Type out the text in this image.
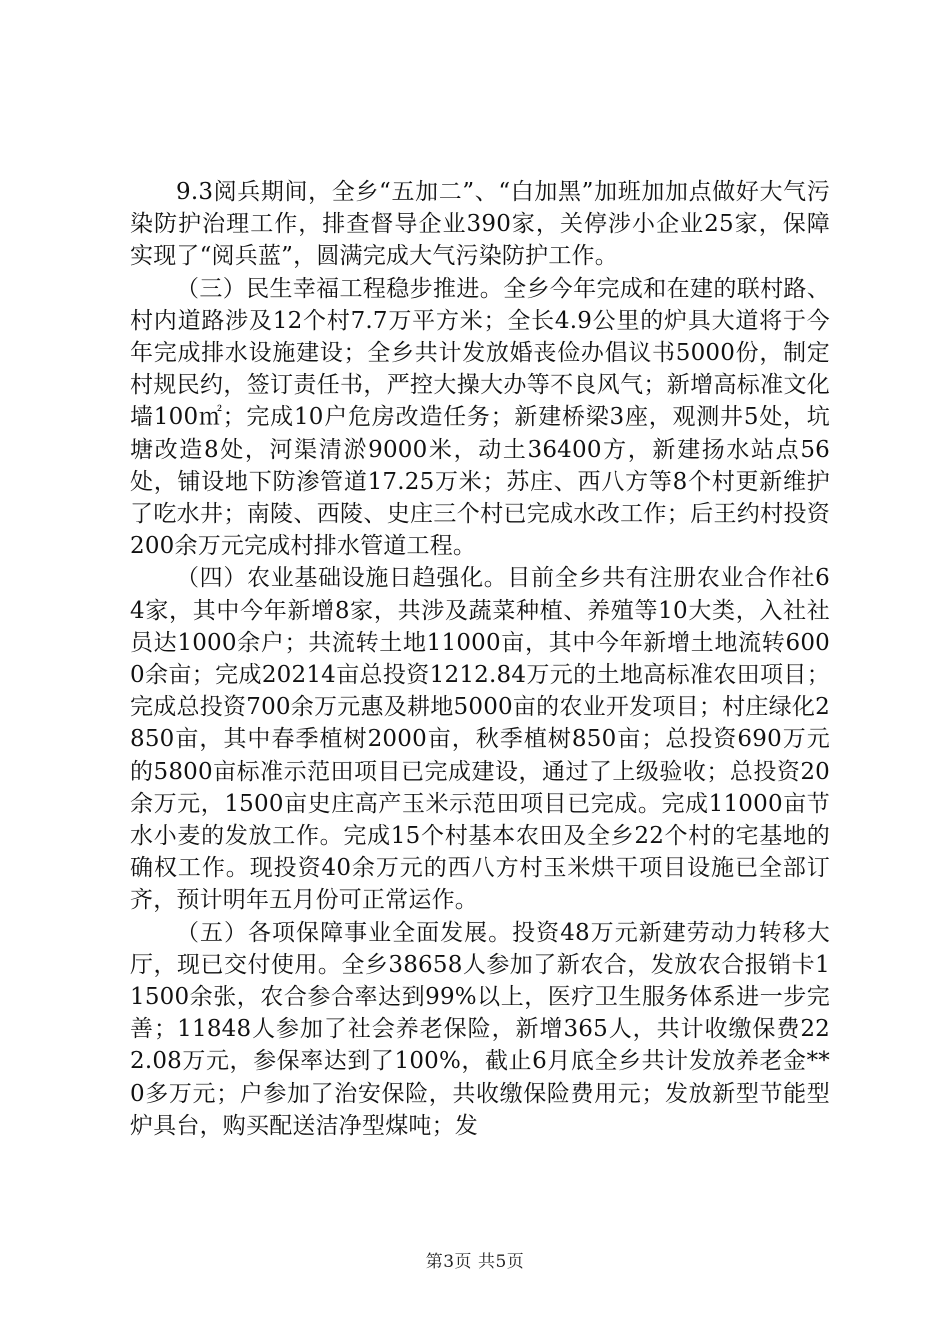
9.3阅兵期间，全乡“五加二”、“白加黑”加班加加点做好大气污染防护治理工作，排查督导企业390家，关停涉小企业25家，保障实现了“阅兵蓝”，圆满完成大气污染防护工作。

（三）民生幸福工程稳步推进。全乡今年完成和在建的联村路、村内道路涉及12个村7.7万平方米；全长4.9公里的炉具大道将于今年完成排水设施建设；全乡共计发放婚丧俭办倡议书5000份，制定村规民约，签订责任书，严控大操大办等不良风气；新增高标准文化墙100㎡；完成10户危房改造任务；新建桥梁3座，观测井5处，坑塘改造8处，河渠清淤9000米，动土36400方，新建扬水站点56处，铺设地下防渗管道17.25万米；苏庄、西八方等8个村更新维护了吃水井；南陵、西陵、史庄三个村已完成水改工作；后王约村投资200余万元完成村排水管道工程。

（四）农业基础设施日趋强化。目前全乡共有注册农业合作社64家，其中今年新增8家，共涉及蔬菜种植、养殖等10大类，入社社员达1000余户；共流转土地11000亩，其中今年新增土地流转6000余亩；完成20214亩总投资1212.84万元的土地高标准农田项目；完成总投资700余万元惠及耕地5000亩的农业开发项目；村庄绿化2850亩，其中春季植树2000亩，秋季植树850亩；总投资690万元的5800亩标准示范田项目已完成建设，通过了上级验收；总投资20余万元，1500亩史庄高产玉米示范田项目已完成。完成11000亩节水小麦的发放工作。完成15个村基本农田及全乡22个村的宅基地的确权工作。现投资40余万元的西八方村玉米烘干项目设施已全部订齐，预计明年五月份可正常运作。

（五）各项保障事业全面发展。投资48万元新建劳动力转移大厅，现已交付使用。全乡38658人参加了新农合，发放农合报销卡11500余张，农合参合率达到99%以上，医疗卫生服务体系进一步完善；11848人参加了社会养老保险，新增365人，共计收缴保费222.08万元，参保率达到了100%，截止6月底全乡共计发放养老金**0多万元；户参加了治安保险，共收缴保险费用元；发放新型节能型炉具台，购买配送洁净型煤吨；发

第3页 共5页
